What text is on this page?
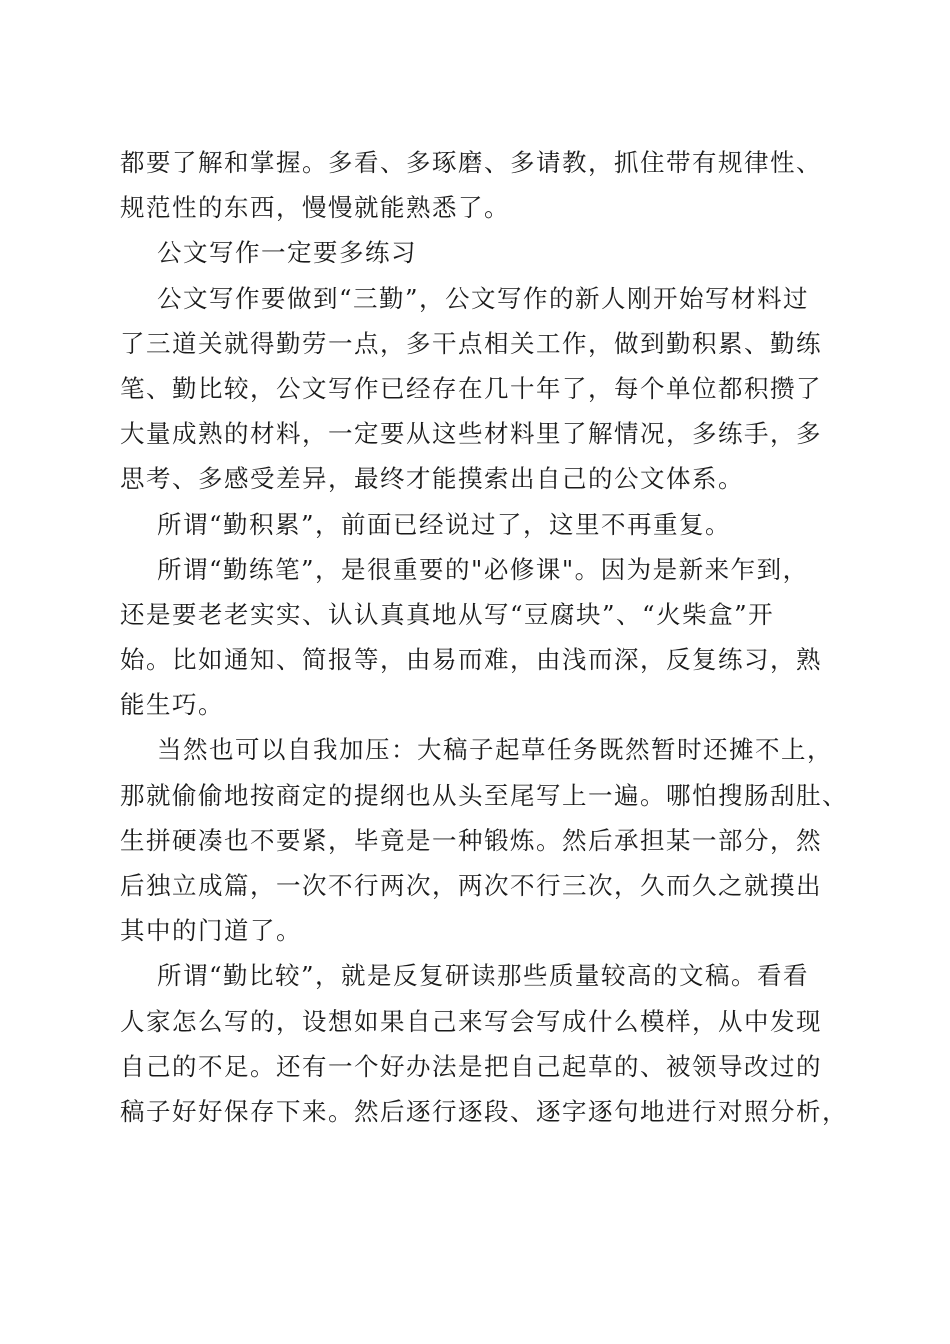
都要了解和掌握。多看、多琢磨、多请教，抓住带有规律性、
规范性的东西，慢慢就能熟悉了。
公文写作一定要多练习
公文写作要做到“三勤”，公文写作的新人刚开始写材料过
了三道关就得勤劳一点，多干点相关工作，做到勤积累、勤练
笔、勤比较，公文写作已经存在几十年了，每个单位都积攒了
大量成熟的材料，一定要从这些材料里了解情况，多练手，多
思考、多感受差异，最终才能摸索出自己的公文体系。
所谓“勤积累”，前面已经说过了，这里不再重复。
所谓“勤练笔”，是很重要的"必修课"。因为是新来乍到，
还是要老老实实、认认真真地从写“豆腐块”、“火柴盒”开
始。比如通知、简报等，由易而难，由浅而深，反复练习，熟
能生巧。
当然也可以自我加压：大稿子起草任务既然暂时还摊不上，
那就偷偷地按商定的提纲也从头至尾写上一遍。哪怕搜肠刮肚、
生拼硬凑也不要紧，毕竟是一种锻炼。然后承担某一部分，然
后独立成篇，一次不行两次，两次不行三次，久而久之就摸出
其中的门道了。
所谓“勤比较”，就是反复研读那些质量较高的文稿。看看
人家怎么写的，设想如果自己来写会写成什么模样，从中发现
自己的不足。还有一个好办法是把自己起草的、被领导改过的
稿子好好保存下来。然后逐行逐段、逐字逐句地进行对照分析，
